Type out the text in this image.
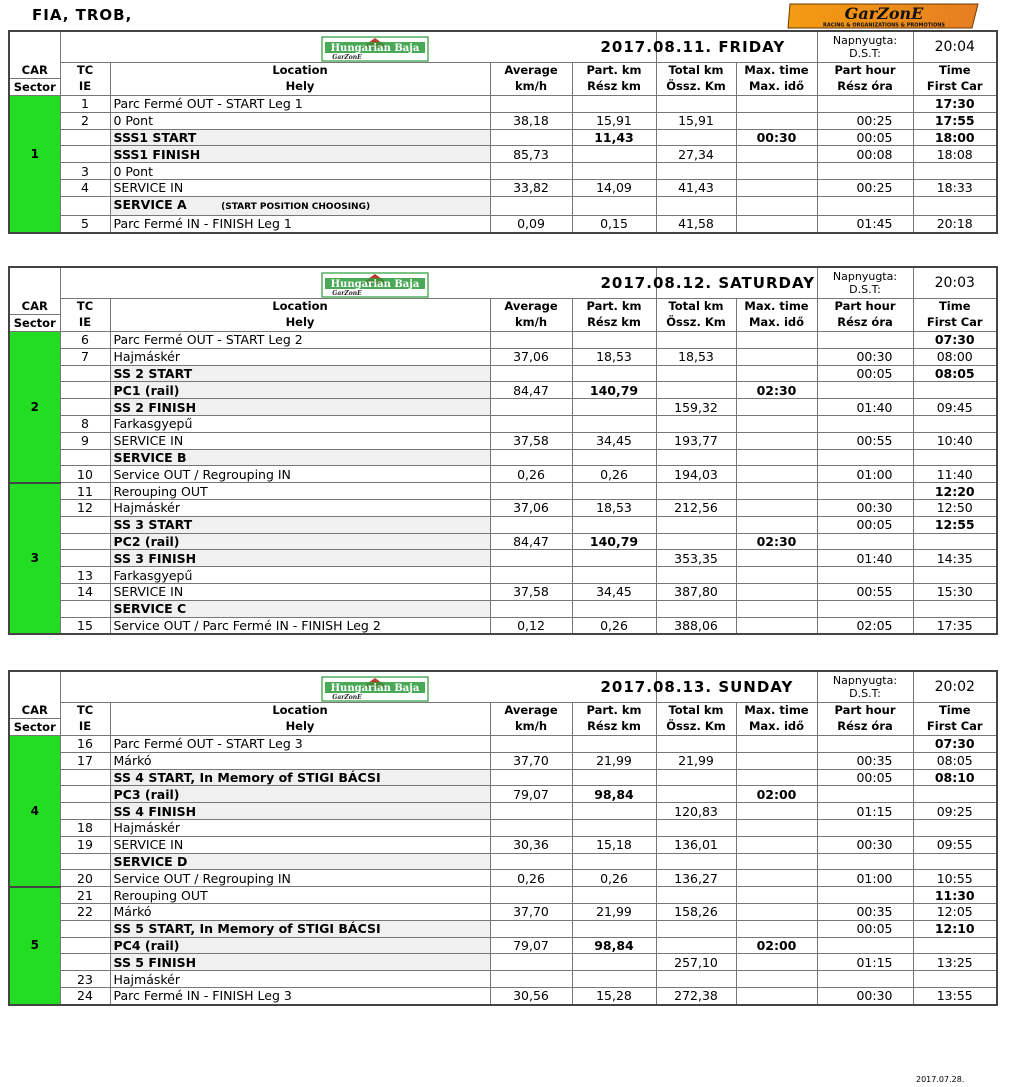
FIA, TROB,	GarZonE
RACING & ORGANIZATIONS & PROMOTIONS

Hungarian Baja
GarZonE				2017.08.11. FRIDAY		Napnyugta:
D.S.T:	20:04
CAR	TC	Location	Average	Part. km	Total km	Max. time	Part hour	Time
Sector	IE	Hely	km/h	Rész km	Össz. Km	Max. idő	Rész óra	First Car
	1	Parc Fermé OUT - START Leg 1						17:30
	2	0 Pont	38,18	15,91	15,91		00:25	17:55
		SSS1 START		11,43		00:30	00:05	18:00
1		SSS1 FINISH	85,73		27,34		00:08	18:08
	3	0 Pont						
	4	SERVICE IN	33,82	14,09	41,43		00:25	18:33
		SERVICE A (START POSITION CHOOSING)						
	5	Parc Fermé IN - FINISH Leg 1	0,09	0,15	41,58		01:45	20:18

Hungarian Baja
GarZonE				2017.08.12. SATURDAY		Napnyugta:
D.S.T:	20:03
CAR	TC	Location	Average	Part. km	Total km	Max. time	Part hour	Time
Sector	IE	Hely	km/h	Rész km	Össz. Km	Max. idő	Rész óra	First Car
	6	Parc Fermé OUT - START Leg 2						07:30
	7	Hajmáskér	37,06	18,53	18,53		00:30	08:00
		SS 2 START					00:05	08:05
		PC1 (rail)	84,47	140,79		02:30		
2		SS 2 FINISH			159,32		01:40	09:45
	8	Farkasgyepű						
	9	SERVICE IN	37,58	34,45	193,77		00:55	10:40
		SERVICE B						
	10	Service OUT / Regrouping IN	0,26	0,26	194,03		01:00	11:40
	11	Rerouping OUT						12:20
	12	Hajmáskér	37,06	18,53	212,56		00:30	12:50
		SS 3 START					00:05	12:55
		PC2 (rail)	84,47	140,79		02:30		
3		SS 3 FINISH			353,35		01:40	14:35
	13	Farkasgyepű						
	14	SERVICE IN	37,58	34,45	387,80		00:55	15:30
		SERVICE C						
	15	Service OUT / Parc Fermé IN - FINISH Leg 2	0,12	0,26	388,06		02:05	17:35

Hungarian Baja
GarZonE				2017.08.13. SUNDAY		Napnyugta:
D.S.T:	20:02
CAR	TC	Location	Average	Part. km	Total km	Max. time	Part hour	Time
Sector	IE	Hely	km/h	Rész km	Össz. Km	Max. idő	Rész óra	First Car
	16	Parc Fermé OUT - START Leg 3						07:30
	17	Márkó	37,70	21,99	21,99		00:35	08:05
		SS 4 START, In Memory of STIGI BÁCSI					00:05	08:10
		PC3 (rail)	79,07	98,84		02:00		
4		SS 4 FINISH			120,83		01:15	09:25
	18	Hajmáskér						
	19	SERVICE IN	30,36	15,18	136,01		00:30	09:55
		SERVICE D						
	20	Service OUT / Regrouping IN	0,26	0,26	136,27		01:00	10:55
	21	Rerouping OUT						11:30
	22	Márkó	37,70	21,99	158,26		00:35	12:05
		SS 5 START, In Memory of STIGI BÁCSI					00:05	12:10
5		PC4 (rail)	79,07	98,84		02:00		
		SS 5 FINISH			257,10		01:15	13:25
	23	Hajmáskér						
	24	Parc Fermé IN - FINISH Leg 3	30,56	15,28	272,38		00:30	13:55
2017.07.28.
